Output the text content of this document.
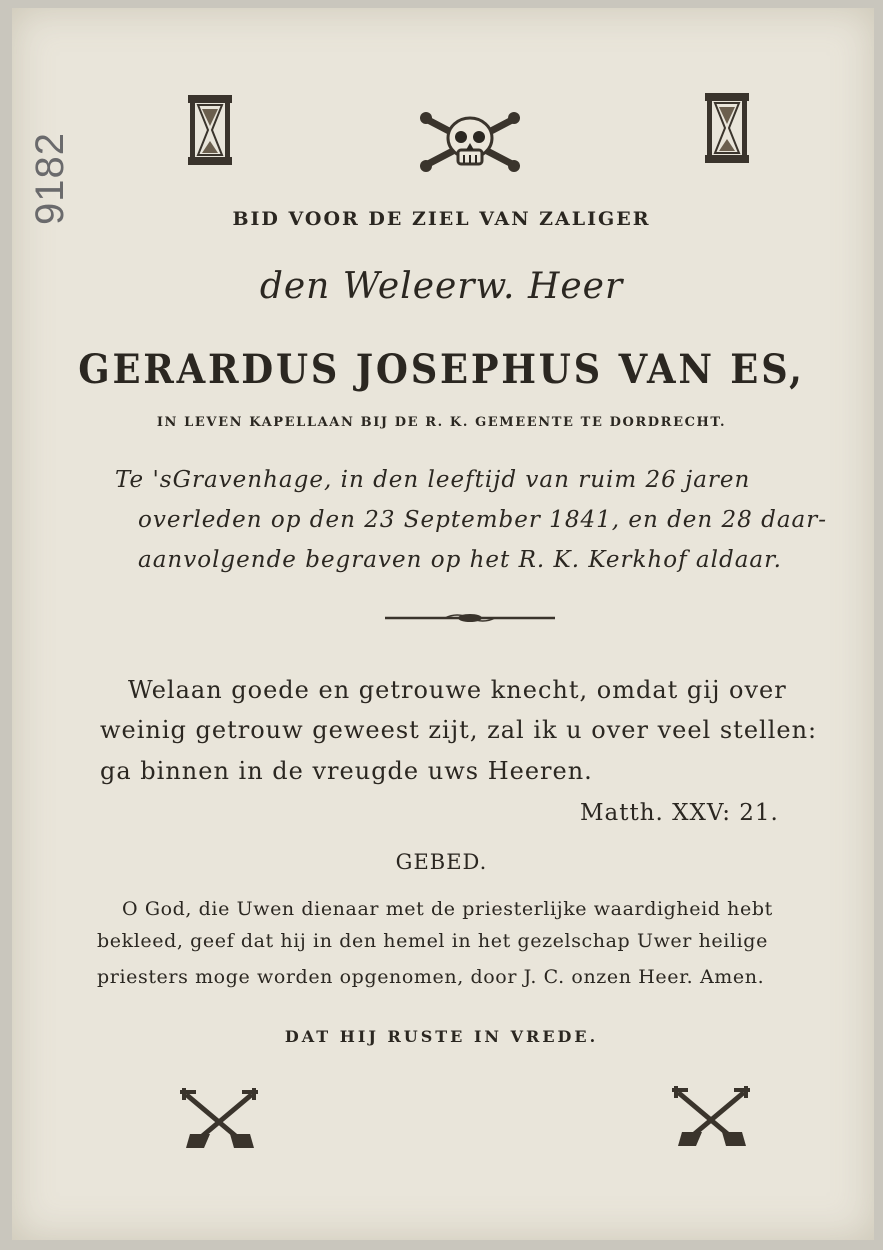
9182	BID VOOR DE ZIEL VAN ZALIGER
den Weleerw. Heer
GERARDUS JOSEPHUS VAN ES,
IN LEVEN KAPELLAAN BIJ DE R. K. GEMEENTE TE DORDRECHT.
Te 'sGravenhage, in den leeftijd van ruim 26 jaren
overleden op den 23 September 1841, en den 28 daar-
aanvolgende begraven op het R. K. Kerkhof aldaar.
Welaan goede en getrouwe knecht, omdat gij over
weinig getrouw geweest zijt, zal ik u over veel stellen:
ga binnen in de vreugde uws Heeren.
Matth. XXV: 21.
GEBED.
O God, die Uwen dienaar met de priesterlijke waardigheid hebt
bekleed, geef dat hij in den hemel in het gezelschap Uwer heilige
priesters moge worden opgenomen, door J. C. onzen Heer. Amen.
DAT HIJ RUSTE IN VREDE.
